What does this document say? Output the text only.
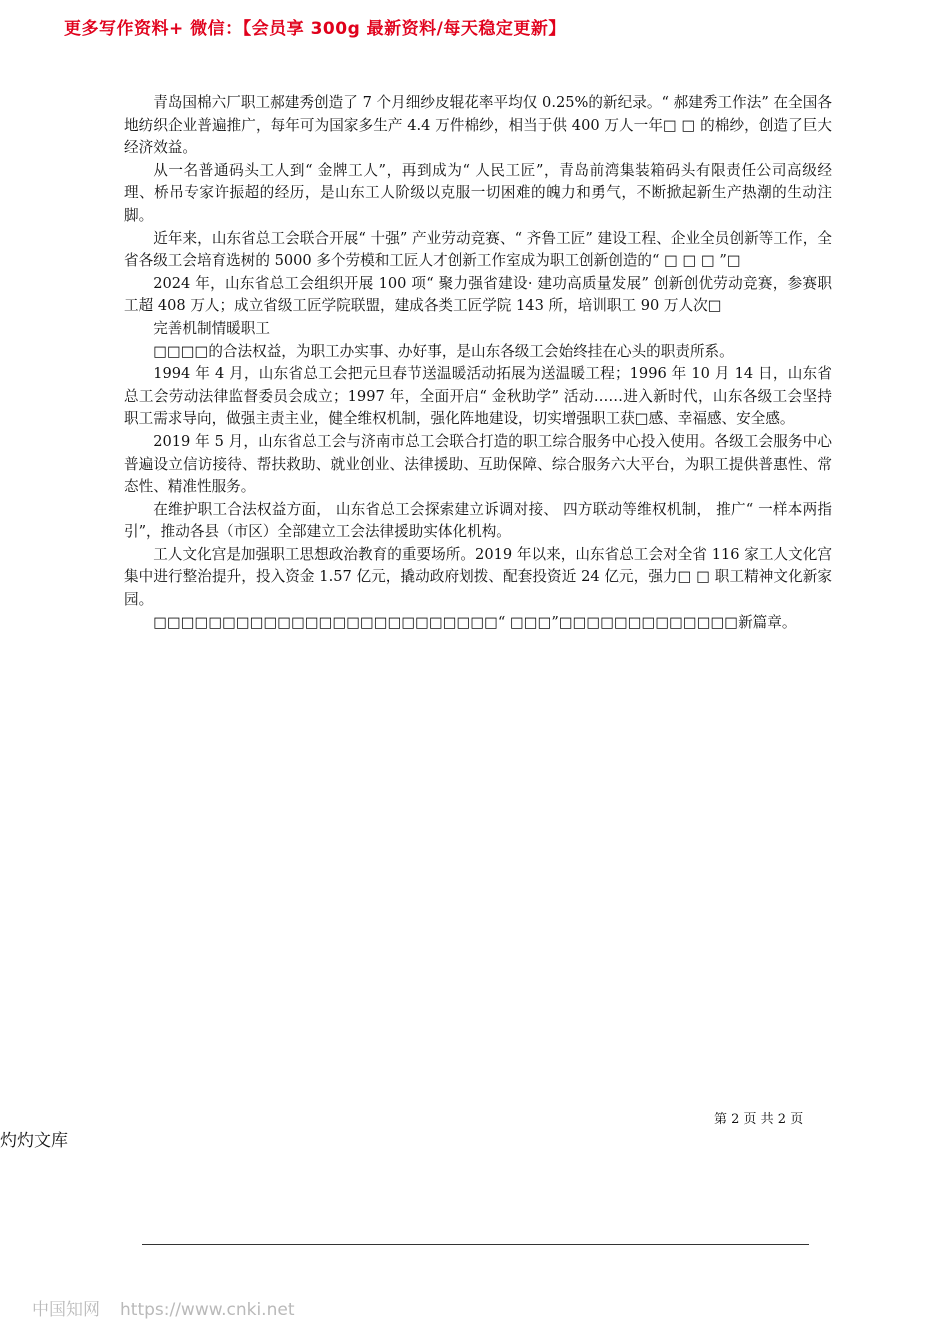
更多写作资料+ 微信：【会员享 300g 最新资料/每天稳定更新】

青岛国棉六厂职工郝建秀创造了 7 个月细纱皮辊花率平均仅 0.25%的新纪录。“ 郝建秀工作法” 在全国各地纺织企业普遍推广，每年可为国家多生产 4.4 万件棉纱，相当于供 400 万人一年□ □ 的棉纱，创造了巨大经济效益。

从一名普通码头工人到“ 金牌工人”，再到成为“ 人民工匠”，青岛前湾集装箱码头有限责任公司高级经理、桥吊专家许振超的经历，是山东工人阶级以克服一切困难的魄力和勇气，不断掀起新生产热潮的生动注脚。

近年来，山东省总工会联合开展“ 十强” 产业劳动竞赛、“ 齐鲁工匠” 建设工程、企业全员创新等工作，全省各级工会培育选树的 5000 多个劳模和工匠人才创新工作室成为职工创新创造的“ □ □ □ ”□

2024 年，山东省总工会组织开展 100 项“ 聚力强省建设· 建功高质量发展” 创新创优劳动竞赛，参赛职工超 408 万人；成立省级工匠学院联盟，建成各类工匠学院 143 所，培训职工 90 万人次□

完善机制情暖职工

□□□□的合法权益，为职工办实事、办好事，是山东各级工会始终挂在心头的职责所系。

1994 年 4 月，山东省总工会把元旦春节送温暖活动拓展为送温暖工程；1996 年 10 月 14 日，山东省总工会劳动法律监督委员会成立；1997 年，全面开启“ 金秋助学” 活动……进入新时代，山东各级工会坚持职工需求导向，做强主责主业，健全维权机制，强化阵地建设，切实增强职工获□感、幸福感、安全感。

2019 年 5 月，山东省总工会与济南市总工会联合打造的职工综合服务中心投入使用。各级工会服务中心普遍设立信访接待、帮扶救助、就业创业、法律援助、互助保障、综合服务六大平台，为职工提供普惠性、常态性、精准性服务。

在维护职工合法权益方面， 山东省总工会探索建立诉调对接、 四方联动等维权机制， 推广“ 一样本两指引”，推动各县（市区）全部建立工会法律援助实体化机构。

工人文化宫是加强职工思想政治教育的重要场所。2019 年以来，山东省总工会对全省 116 家工人文化宫集中进行整治提升，投入资金 1.57 亿元，撬动政府划拨、配套投资近 24 亿元，强力□ □ 职工精神文化新家园。

□□□□□□□□□□□□□□□□□□□□□□□□□“ □□□”□□□□□□□□□□□□□新篇章。

第 2 页 共 2 页
灼灼文库
中国知网 https://www.cnki.net
